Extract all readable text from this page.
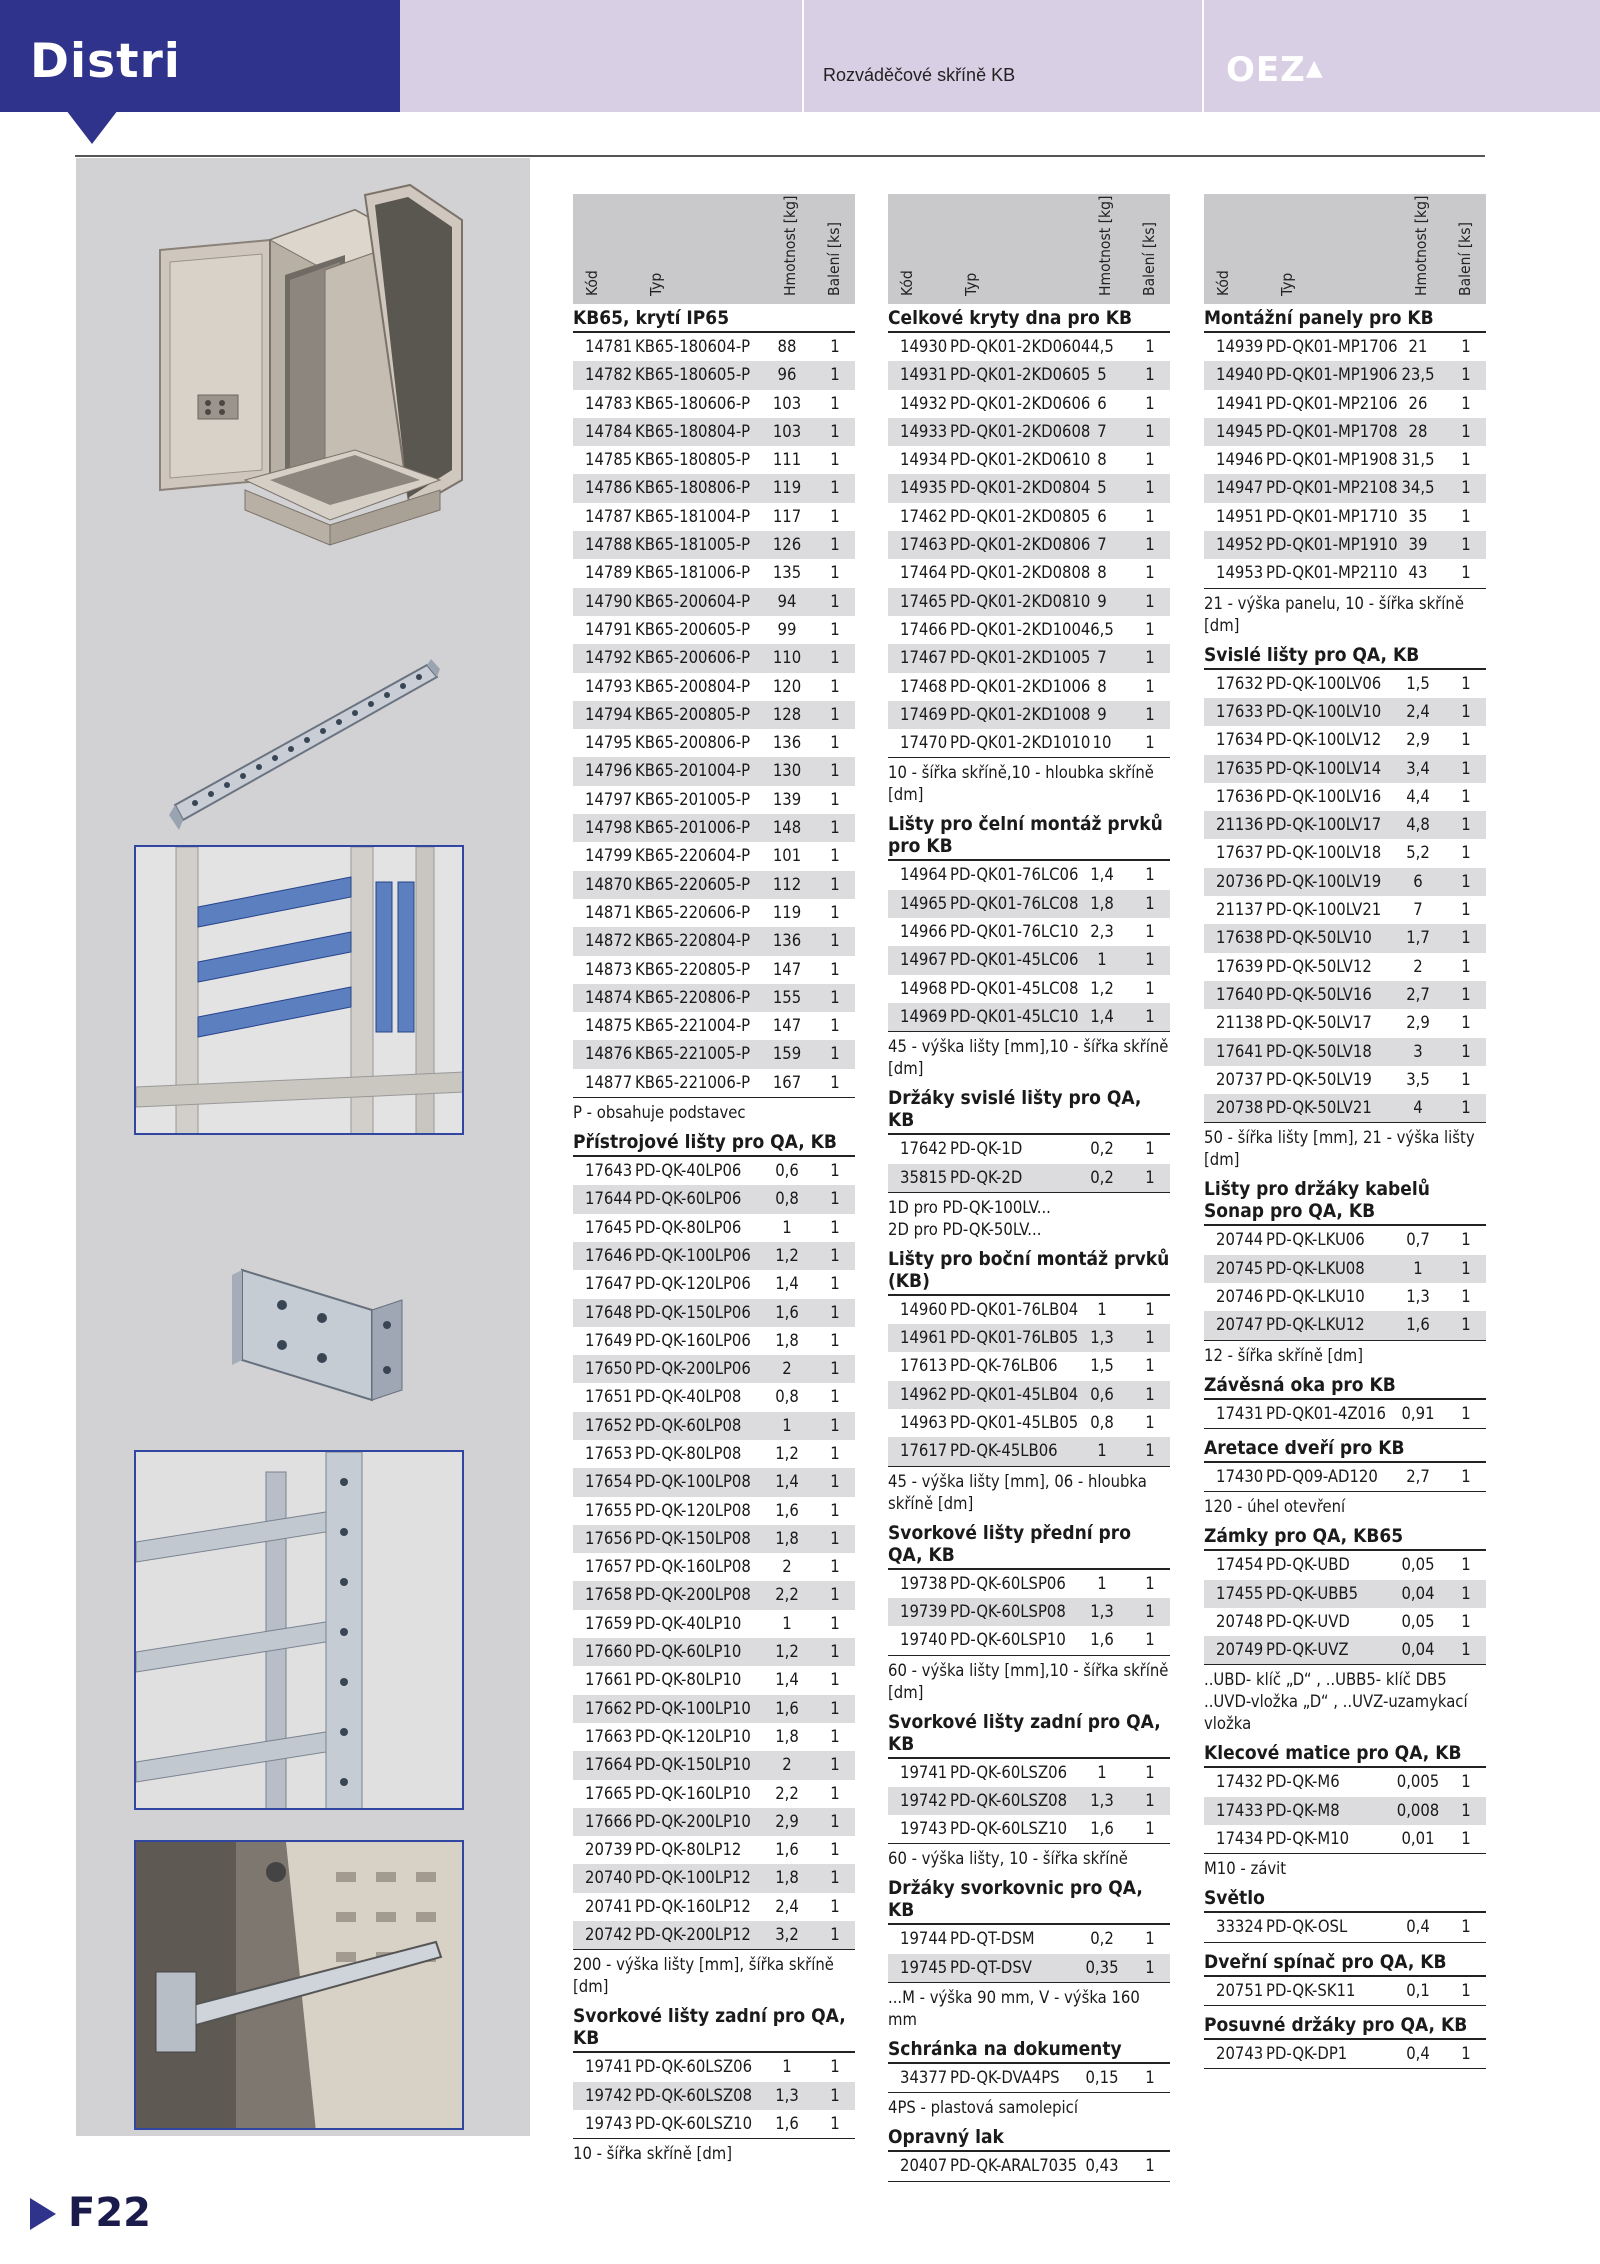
Distri	Rozváděčové skříně KB	OEZ▲
Kód	Typ	Hmotnost [kg] Balení [ks]
KB65, krytí IP65
14781 KB65-180604-P	88	1
14782 KB65-180605-P	96	1
14783 KB65-180606-P	103	1
14784 KB65-180804-P	103	1
14785 KB65-180805-P	111	1
14786 KB65-180806-P	119	1
14787 KB65-181004-P	117	1
14788 KB65-181005-P	126	1
14789 KB65-181006-P	135	1
14790 KB65-200604-P	94	1
14791 KB65-200605-P	99	1
14792 KB65-200606-P	110	1
14793 KB65-200804-P	120	1
14794 KB65-200805-P	128	1
14795 KB65-200806-P	136	1
14796 KB65-201004-P	130	1
14797 KB65-201005-P	139	1
14798 KB65-201006-P	148	1
14799 KB65-220604-P	101	1
14870 KB65-220605-P	112	1
14871 KB65-220606-P	119	1
14872 KB65-220804-P	136	1
14873 KB65-220805-P	147	1
14874 KB65-220806-P	155	1
14875 KB65-221004-P	147	1
14876 KB65-221005-P	159	1
14877 KB65-221006-P	167	1
P - obsahuje podstavec
Přístrojové lišty pro QA, KB
17643 PD-QK-40LP06	0,6	1
17644 PD-QK-60LP06	0,8	1
17645 PD-QK-80LP06	1	1
17646 PD-QK-100LP06	1,2	1
17647 PD-QK-120LP06	1,4	1
17648 PD-QK-150LP06	1,6	1
17649 PD-QK-160LP06	1,8	1
17650 PD-QK-200LP06	2	1
17651 PD-QK-40LP08	0,8	1
17652 PD-QK-60LP08	1	1
17653 PD-QK-80LP08	1,2	1
17654 PD-QK-100LP08	1,4	1
17655 PD-QK-120LP08	1,6	1
17656 PD-QK-150LP08	1,8	1
17657 PD-QK-160LP08	2	1
17658 PD-QK-200LP08	2,2	1
17659 PD-QK-40LP10	1	1
17660 PD-QK-60LP10	1,2	1
17661 PD-QK-80LP10	1,4	1
17662 PD-QK-100LP10	1,6	1
17663 PD-QK-120LP10	1,8	1
17664 PD-QK-150LP10	2	1
17665 PD-QK-160LP10	2,2	1
17666 PD-QK-200LP10	2,9	1
20739 PD-QK-80LP12	1,6	1
20740 PD-QK-100LP12	1,8	1
20741 PD-QK-160LP12	2,4	1
20742 PD-QK-200LP12	3,2	1
200 - výška lišty [mm], šířka skříně [dm]
Svorkové lišty zadní pro QA, KB
19741 PD-QK-60LSZ06	1	1
19742 PD-QK-60LSZ08	1,3	1
19743 PD-QK-60LSZ10	1,6	1
10 - šířka skříně [dm]
Kód	Typ	Hmotnost [kg] Balení [ks]
Celkové kryty dna pro KB
14930 PD-QK01-2KD0604 4,5	1
14931 PD-QK01-2KD0605 5	1
14932 PD-QK01-2KD0606 6	1
14933 PD-QK01-2KD0608 7	1
14934 PD-QK01-2KD0610 8	1
14935 PD-QK01-2KD0804 5	1
17462 PD-QK01-2KD0805 6	1
17463 PD-QK01-2KD0806 7	1
17464 PD-QK01-2KD0808 8	1
17465 PD-QK01-2KD0810 9	1
17466 PD-QK01-2KD1004 6,5	1
17467 PD-QK01-2KD1005 7	1
17468 PD-QK01-2KD1006 8	1
17469 PD-QK01-2KD1008 9	1
17470 PD-QK01-2KD1010 10	1
10 - šířka skříně,10 - hloubka skříně [dm]
Lišty pro čelní montáž prvků pro KB
14964 PD-QK01-76LC06 1,4	1
14965 PD-QK01-76LC08 1,8	1
14966 PD-QK01-76LC10 2,3	1
14967 PD-QK01-45LC06	1	1
14968 PD-QK01-45LC08 1,2	1
14969 PD-QK01-45LC10 1,4	1
45 - výška lišty [mm],10 - šířka skříně [dm]
Držáky svislé lišty pro QA, KB
17642 PD-QK-1D	0,2	1
35815 PD-QK-2D	0,2	1
1D pro PD-QK-100LV...
2D pro PD-QK-50LV...
Lišty pro boční montáž prvků (KB)
14960 PD-QK01-76LB04	1	1
14961 PD-QK01-76LB05 1,3	1
17613 PD-QK-76LB06	1,5	1
14962 PD-QK01-45LB04 0,6	1
14963 PD-QK01-45LB05 0,8	1
17617 PD-QK-45LB06	1	1
45 - výška lišty [mm], 06 - hloubka skříně [dm]
Svorkové lišty přední pro QA, KB
19738 PD-QK-60LSP06	1	1
19739 PD-QK-60LSP08	1,3	1
19740 PD-QK-60LSP10	1,6	1
60 - výška lišty [mm],10 - šířka skříně [dm]
Svorkové lišty zadní pro QA, KB
19741 PD-QK-60LSZ06	1	1
19742 PD-QK-60LSZ08	1,3	1
19743 PD-QK-60LSZ10	1,6	1
60 - výška lišty, 10 - šířka skříně
Držáky svorkovnic pro QA, KB
19744 PD-QT-DSM	0,2	1
19745 PD-QT-DSV	0,35	1
...M - výška 90 mm, V - výška 160 mm
Schránka na dokumenty
34377 PD-QK-DVA4PS	0,15	1
4PS - plastová samolepicí
Opravný lak
20407 PD-QK-ARAL7035 0,43	1
Kód	Typ	Hmotnost [kg] Balení [ks]
Montážní panely pro KB
14939 PD-QK01-MP1706 21	1
14940 PD-QK01-MP1906 23,5	1
14941 PD-QK01-MP2106 26	1
14945 PD-QK01-MP1708 28	1
14946 PD-QK01-MP1908 31,5	1
14947 PD-QK01-MP2108 34,5	1
14951 PD-QK01-MP1710 35	1
14952 PD-QK01-MP1910 39	1
14953 PD-QK01-MP2110 43	1
21 - výška panelu, 10 - šířka skříně [dm]
Svislé lišty pro QA, KB
17632 PD-QK-100LV06	1,5	1
17633 PD-QK-100LV10	2,4	1
17634 PD-QK-100LV12	2,9	1
17635 PD-QK-100LV14	3,4	1
17636 PD-QK-100LV16	4,4	1
21136 PD-QK-100LV17	4,8	1
17637 PD-QK-100LV18	5,2	1
20736 PD-QK-100LV19	6	1
21137 PD-QK-100LV21	7	1
17638 PD-QK-50LV10	1,7	1
17639 PD-QK-50LV12	2	1
17640 PD-QK-50LV16	2,7	1
21138 PD-QK-50LV17	2,9	1
17641 PD-QK-50LV18	3	1
20737 PD-QK-50LV19	3,5	1
20738 PD-QK-50LV21	4	1
50 - šířka lišty [mm], 21 - výška lišty [dm]
Lišty pro držáky kabelů Sonap pro QA, KB
20744 PD-QK-LKU06	0,7	1
20745 PD-QK-LKU08	1	1
20746 PD-QK-LKU10	1,3	1
20747 PD-QK-LKU12	1,6	1
12 - šířka skříně [dm]
Závěsná oka pro KB
17431 PD-QK01-4Z016 0,91	1
Aretace dveří pro KB
17430 PD-Q09-AD120	2,7	1
120 - úhel otevření
Zámky pro QA, KB65
17454 PD-QK-UBD	0,05	1
17455 PD-QK-UBB5	0,04	1
20748 PD-QK-UVD	0,05	1
20749 PD-QK-UVZ	0,04	1
..UBD- klíč „D“ , ..UBB5- klíč DB5
..UVD-vložka „D“ , ..UVZ-uzamykací vložka
Klecové matice pro QA, KB
17432 PD-QK-M6	0,005	1
17433 PD-QK-M8	0,008	1
17434 PD-QK-M10	0,01	1
M10 - závit
Světlo
33324 PD-QK-OSL	0,4	1
Dveřní spínač pro QA, KB
20751 PD-QK-SK11	0,1	1
Posuvné držáky pro QA, KB
20743 PD-QK-DP1	0,4	1
F22
